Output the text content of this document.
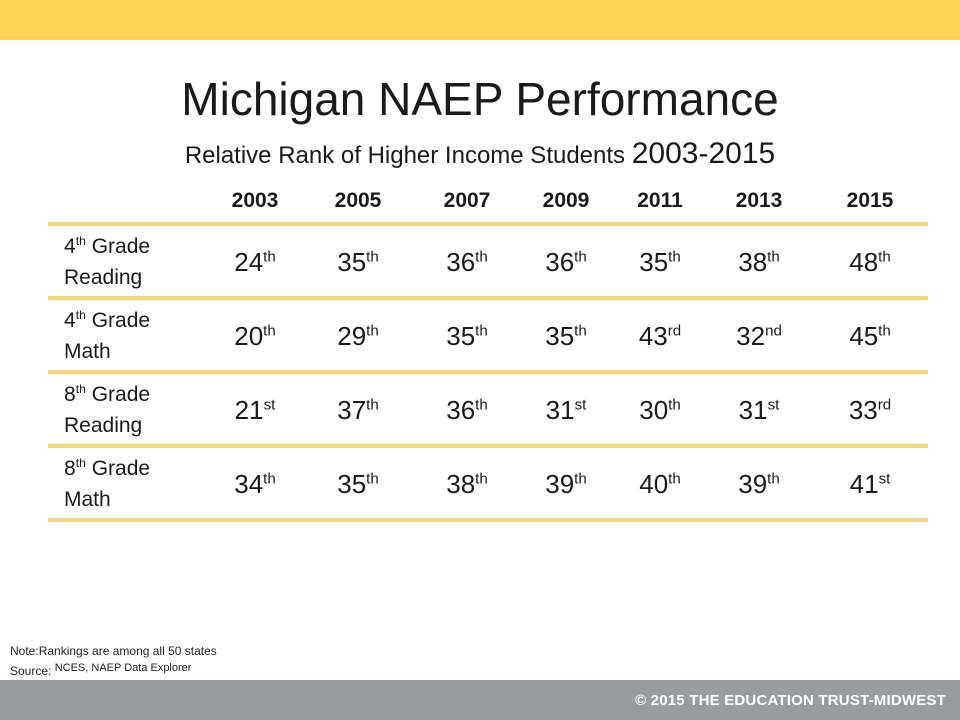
Michigan NAEP Performance
Relative Rank of Higher Income Students 2003-2015
2003	2005	2007	2009	2011	2013	2015
4th Grade
Reading
24th	35th	36th	36th	35th	38th	48th
4th Grade
Math
20th	29th	35th	35th	43rd	32nd	45th
8th Grade
Reading
21st	37th	36th	31st	30th	31st	33rd
8th Grade
Math
34th	35th	38th	39th	40th	39th	41st
Note:Rankings are among all 50 states
Source: NCES, NAEP Data Explorer
© 2015 THE EDUCATION TRUST-MIDWEST
